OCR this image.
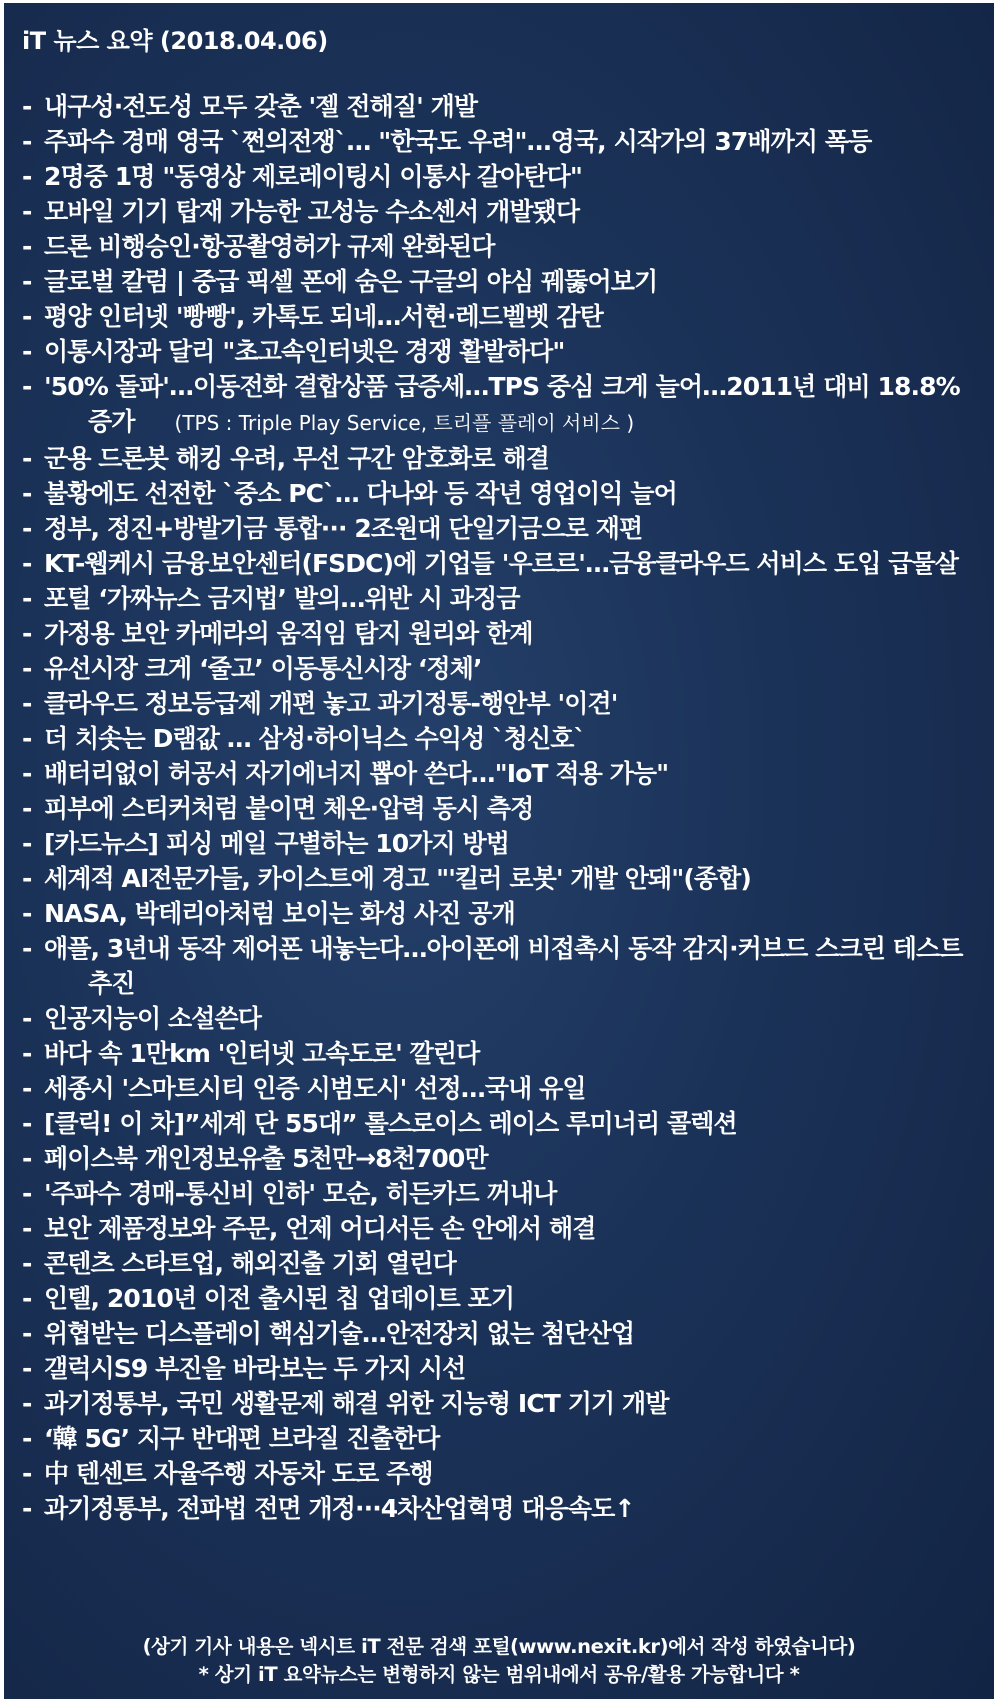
iT 뉴스 요약 (2018.04.06)
- 내구성·전도성 모두 갖춘 '젤 전해질' 개발
- 주파수 경매 영국 `쩐의전쟁`… "한국도 우려"…영국, 시작가의 37배까지 폭등
- 2명중 1명 "동영상 제로레이팅시 이통사 갈아탄다"
- 모바일 기기 탑재 가능한 고성능 수소센서 개발됐다
- 드론 비행승인·항공촬영허가 규제 완화된다
- 글로벌 칼럼 | 중급 픽셀 폰에 숨은 구글의 야심 꿰뚫어보기
- 평양 인터넷 '빵빵', 카톡도 되네…서현·레드벨벳 감탄
- 이통시장과 달리 "초고속인터넷은 경쟁 활발하다"
- '50% 돌파'…이동전화 결합상품 급증세…TPS 중심 크게 늘어…2011년 대비 18.8% 증가 (TPS : Triple Play Service, 트리플 플레이 서비스 )
- 군용 드론봇 해킹 우려, 무선 구간 암호화로 해결
- 불황에도 선전한 `중소 PC`… 다나와 등 작년 영업이익 늘어
- 정부, 정진+방발기금 통합··· 2조원대 단일기금으로 재편
- KT-웹케시 금융보안센터(FSDC)에 기업들 '우르르'…금융클라우드 서비스 도입 급물살
- 포털 ‘가짜뉴스 금지법’ 발의…위반 시 과징금
- 가정용 보안 카메라의 움직임 탐지 원리와 한계
- 유선시장 크게 ‘줄고’ 이동통신시장 ‘정체’
- 클라우드 정보등급제 개편 놓고 과기정통-행안부 '이견'
- 더 치솟는 D램값 … 삼성·하이닉스 수익성 `청신호`
- 배터리없이 허공서 자기에너지 뽑아 쓴다…"IoT 적용 가능"
- 피부에 스티커처럼 붙이면 체온·압력 동시 측정
- [카드뉴스] 피싱 메일 구별하는 10가지 방법
- 세계적 AI전문가들, 카이스트에 경고 "'킬러 로봇' 개발 안돼"(종합)
- NASA, 박테리아처럼 보이는 화성 사진 공개
- 애플, 3년내 동작 제어폰 내놓는다…아이폰에 비접촉시 동작 감지·커브드 스크린 테스트 추진
- 인공지능이 소설쓴다
- 바다 속 1만km '인터넷 고속도로' 깔린다
- 세종시 '스마트시티 인증 시범도시' 선정…국내 유일
- [클릭! 이 차]”세계 단 55대” 롤스로이스 레이스 루미너리 콜렉션
- 페이스북 개인정보유출 5천만→8천700만
- '주파수 경매-통신비 인하' 모순, 히든카드 꺼내나
- 보안 제품정보와 주문, 언제 어디서든 손 안에서 해결
- 콘텐츠 스타트업, 해외진출 기회 열린다
- 인텔, 2010년 이전 출시된 칩 업데이트 포기
- 위협받는 디스플레이 핵심기술…안전장치 없는 첨단산업
- 갤럭시S9 부진을 바라보는 두 가지 시선
- 과기정통부, 국민 생활문제 해결 위한 지능형 ICT 기기 개발
- ‘韓 5G’ 지구 반대편 브라질 진출한다
- 中 텐센트 자율주행 자동차 도로 주행
- 과기정통부, 전파법 전면 개정···4차산업혁명 대응속도↑
(상기 기사 내용은 넥시트 iT 전문 검색 포털(www.nexit.kr)에서 작성 하였습니다)
* 상기 iT 요약뉴스는 변형하지 않는 범위내에서 공유/활용 가능합니다 *
